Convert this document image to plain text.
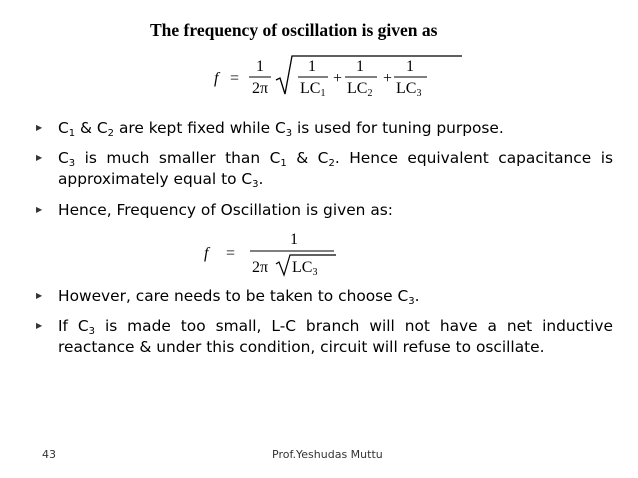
The frequency of oscillation is given as
f =
1
2π
1
LC1
+
1
LC2
+
1
LC3
▶
$C_1$ & $C_2$ are kept fixed while $C_3$ is used for tuning purpose.
▶
$C_3$ is much smaller than $C_1$ & $C_2$. Hence equivalent capacitance is approximately equal to $C_3$.
▶
Hence, Frequency of Oscillation is given as:
f =
1
2π LC3
▶
However, care needs to be taken to choose $C_3$.
▶
If $C_3$ is made too small, L-C branch will not have a net inductive reactance & under this condition, circuit will refuse to oscillate.
43	Prof.Yeshudas Muttu
